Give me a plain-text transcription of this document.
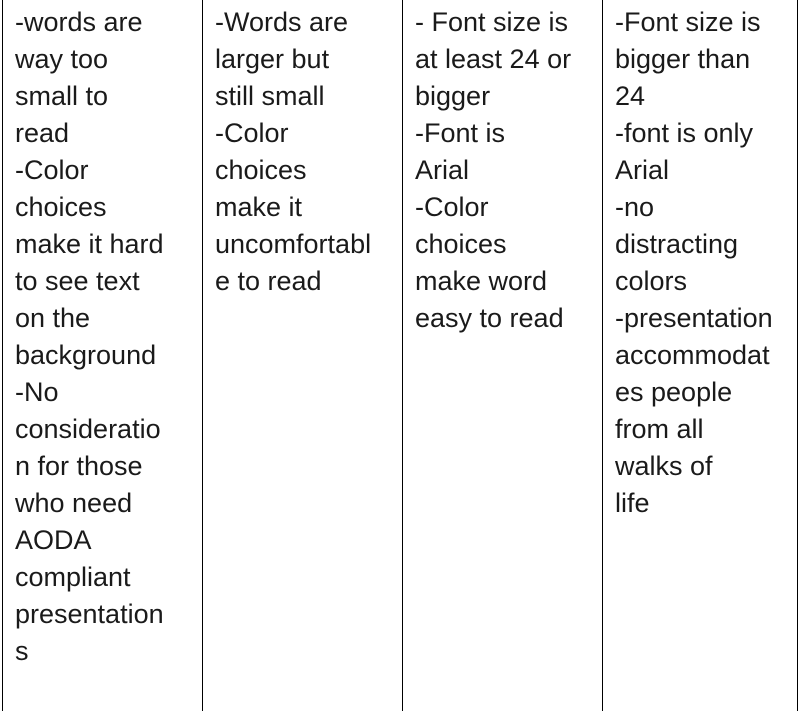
-words are
way too
small to
read
-Color
choices
make it hard
to see text
on the
background
-No
consideratio
n for those
who need
AODA
compliant
presentation
s
-Words are
larger but
still small
-Color
choices
make it
uncomfortabl
e to read
- Font size is
at least 24 or
bigger
-Font is
Arial
-Color
choices
make word
easy to read
-Font size is
bigger than
24
-font is only
Arial
-no
distracting
colors
-presentation
accommodat
es people
from all
walks of
life
